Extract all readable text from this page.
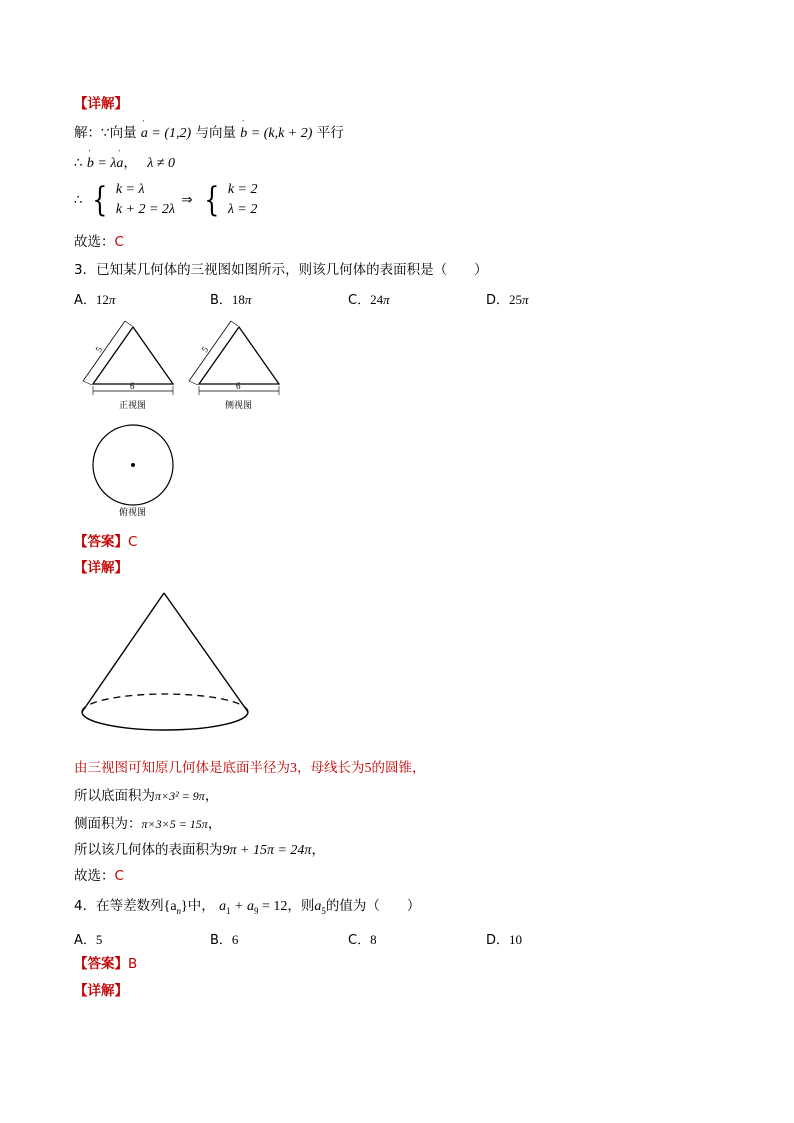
【详解】
解：∵向量 ˈ a = (1,2) 与向量 ˈ b = (k,k + 2) 平行
∴ ˈ b = λˈ a， λ ≠ 0
∴ { k = λ
k + 2 = 2λ
⇒ { k = 2
λ = 2
故选：C
3．已知某几何体的三视图如图所示，则该几何体的表面积是（　　）
A．12π	B．18π	C．24π	D．25π
5
6
正视图
5
6
侧视图
俯视图
【答案】C
【详解】
由三视图可知原几何体是底面半径为3，母线长为5的圆锥，
所以底面积为π×3² = 9π，
侧面积为：π×3×5 = 15π，
所以该几何体的表面积为9π + 15π = 24π，
故选：C
4．在等差数列$\{a_n\}$中， $a_1 + a_9 = 12$，则$a_5$的值为（　　）
A．5	B．6	C．8	D．10
【答案】B
【详解】
